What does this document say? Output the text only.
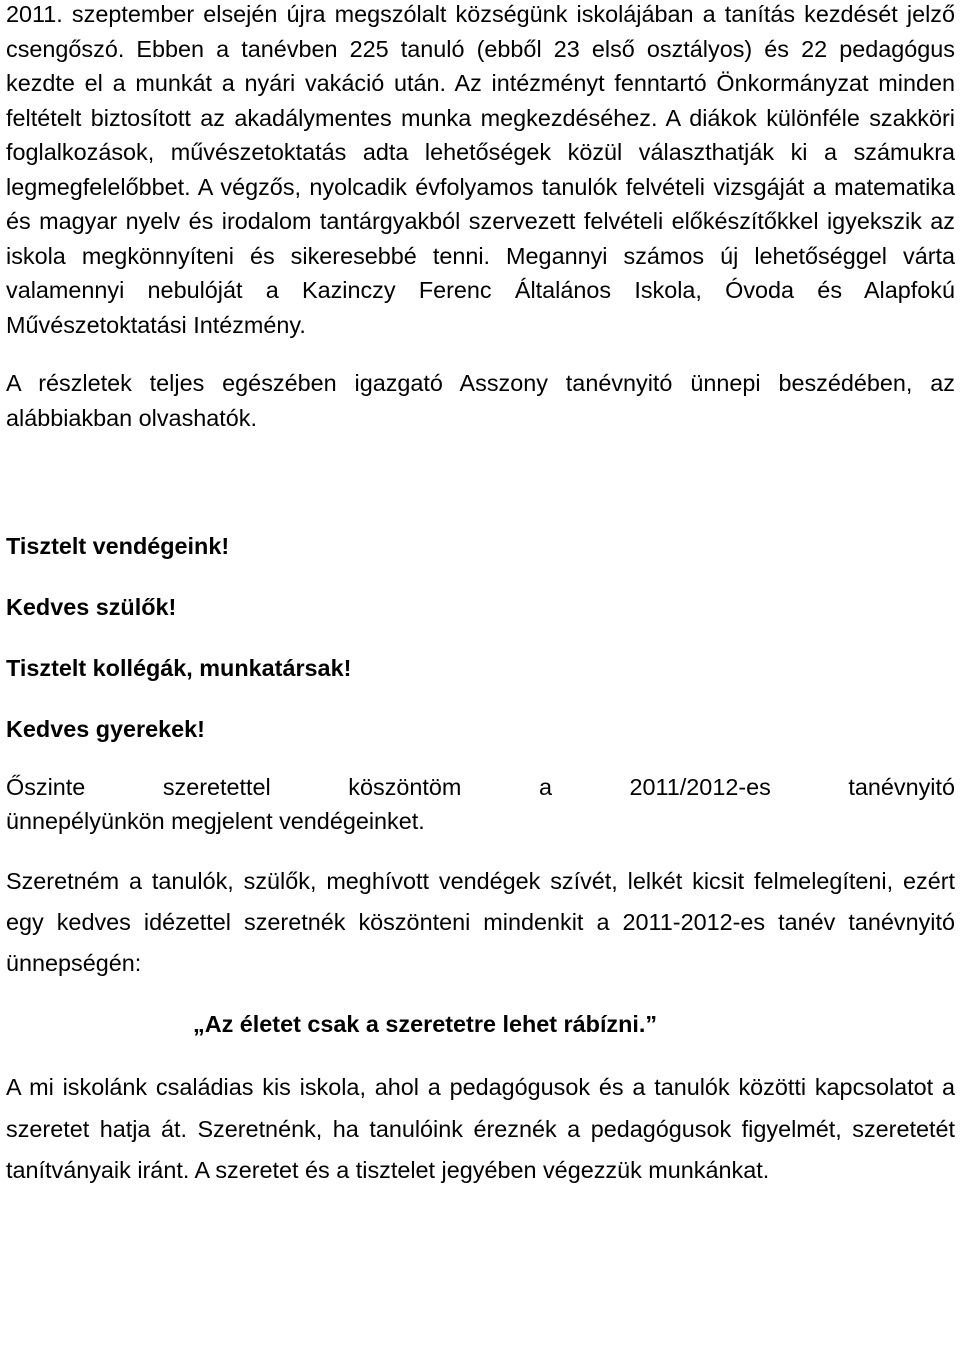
2011. szeptember elsején újra megszólalt községünk iskolájában a tanítás kezdését jelző csengőszó. Ebben a tanévben 225 tanuló (ebből 23 első osztályos) és 22 pedagógus kezdte el a munkát a nyári vakáció után. Az intézményt fenntartó Önkormányzat minden feltételt biztosított az akadálymentes munka megkezdéséhez. A diákok különféle szakköri foglalkozások, művészetoktatás adta lehetőségek közül választhatják ki a számukra legmegfelelőbbet. A végzős, nyolcadik évfolyamos tanulók felvételi vizsgáját a matematika és magyar nyelv és irodalom tantárgyakból szervezett felvételi előkészítőkkel igyekszik az iskola megkönnyíteni és sikeresebbé tenni. Megannyi számos új lehetőséggel várta valamennyi nebulóját a Kazinczy Ferenc Általános Iskola, Óvoda és Alapfokú Művészetoktatási Intézmény.

A részletek teljes egészében igazgató Asszony tanévnyitó ünnepi beszédében, az alábbiakban olvashatók.

Tisztelt vendégeink!

Kedves szülők!

Tisztelt kollégák, munkatársak!

Kedves gyerekek!

Őszinte szeretettel köszöntöm a 2011/2012-es tanévnyitó
ünnepélyünkön megjelent vendégeinket.

Szeretném a tanulók, szülők, meghívott vendégek szívét, lelkét kicsit felmelegíteni, ezért egy kedves idézettel szeretnék köszönteni mindenkit a 2011-2012-es tanév tanévnyitó ünnepségén:

„Az életet csak a szeretetre lehet rábízni.”

A mi iskolánk családias kis iskola, ahol a pedagógusok és a tanulók közötti kapcsolatot a szeretet hatja át. Szeretnénk, ha tanulóink éreznék a pedagógusok figyelmét, szeretetét tanítványaik iránt. A szeretet és a tisztelet jegyében végezzük munkánkat.
